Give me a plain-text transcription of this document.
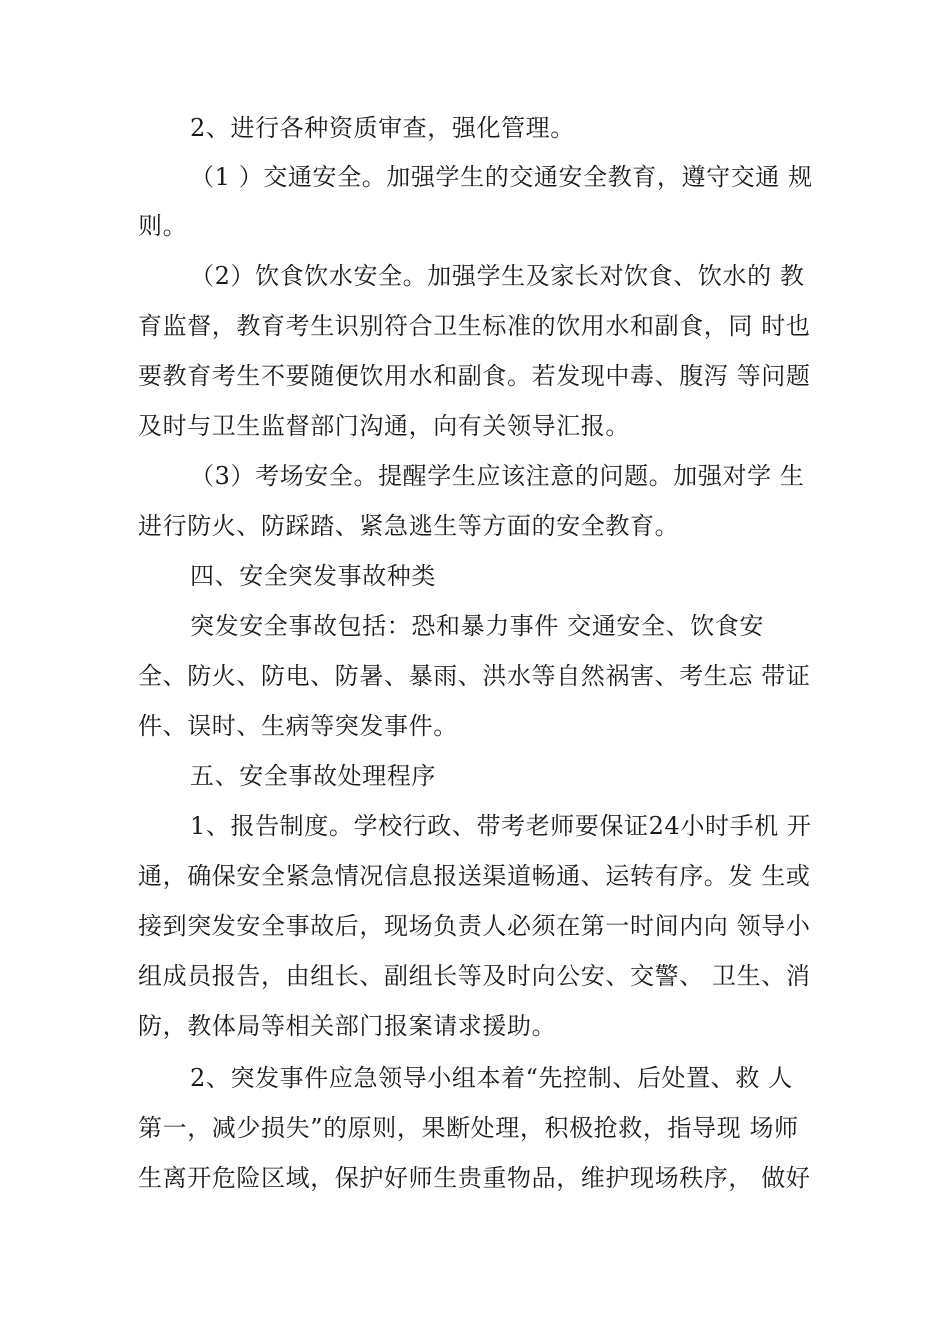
2、进行各种资质审查，强化管理。

（1 ）交通安全。加强学生的交通安全教育，遵守交通 规

则。

（2）饮食饮水安全。加强学生及家长对饮食、饮水的 教

育监督，教育考生识别符合卫生标准的饮用水和副食，同 时也

要教育考生不要随便饮用水和副食。若发现中毒、腹泻 等问题

及时与卫生监督部门沟通，向有关领导汇报。

（3）考场安全。提醒学生应该注意的问题。加强对学 生

进行防火、防踩踏、紧急逃生等方面的安全教育。

四、安全突发事故种类

突发安全事故包括：恐和暴力事件 交通安全、饮食安

全、防火、防电、防暑、暴雨、洪水等自然祸害、考生忘 带证

件、误时、生病等突发事件。

五、安全事故处理程序

1、报告制度。学校行政、带考老师要保证24小时手机 开

通，确保安全紧急情况信息报送渠道畅通、运转有序。发 生或

接到突发安全事故后，现场负责人必须在第一时间内向 领导小

组成员报告，由组长、副组长等及时向公安、交警、 卫生、消

防，教体局等相关部门报案请求援助。

2、突发事件应急领导小组本着“先控制、后处置、救 人

第一，减少损失”的原则，果断处理，积极抢救，指导现 场师

生离开危险区域，保护好师生贵重物品，维护现场秩序， 做好
